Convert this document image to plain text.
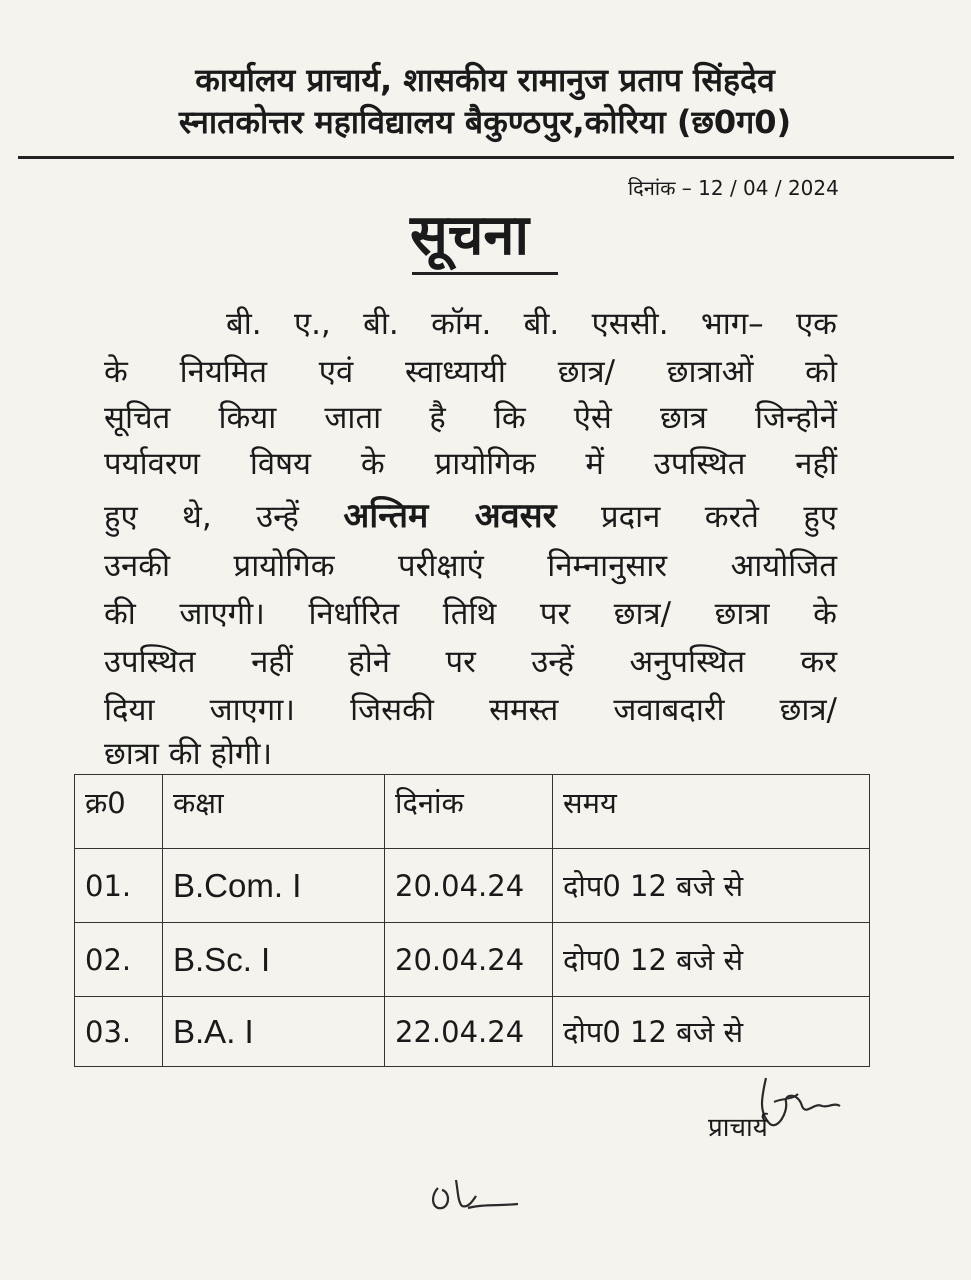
कार्यालय प्राचार्य, शासकीय रामानुज प्रताप सिंहदेव
स्नातकोत्तर महाविद्यालय बैकुण्ठपुर,कोरिया (छ0ग0)
दिनांक – 12 / 04 / 2024
सूचना
बी. ए., बी. कॉम. बी. एससी. भाग– एक
के नियमित एवं स्वाध्यायी छात्र/ छात्राओं को
सूचित किया जाता है कि ऐसे छात्र जिन्होनें
पर्यावरण विषय के प्रायोगिक में उपस्थित नहीं
हुए थे, उन्हें अन्तिम अवसर प्रदान करते हुए
उनकी प्रायोगिक परीक्षाएं निम्नानुसार आयोजित
की जाएगी। निर्धारित तिथि पर छात्र/ छात्रा के
उपस्थित नहीं होने पर उन्हें अनुपस्थित कर
दिया जाएगा। जिसकी समस्त जवाबदारी छात्र/
छात्रा की होगी।
क्र0	कक्षा	दिनांक	समय
01.	B.Com. I	20.04.24	दोप0 12 बजे से
02.	B.Sc. I	20.04.24	दोप0 12 बजे से
03.	B.A. I	22.04.24	दोप0 12 बजे से
प्राचार्य
